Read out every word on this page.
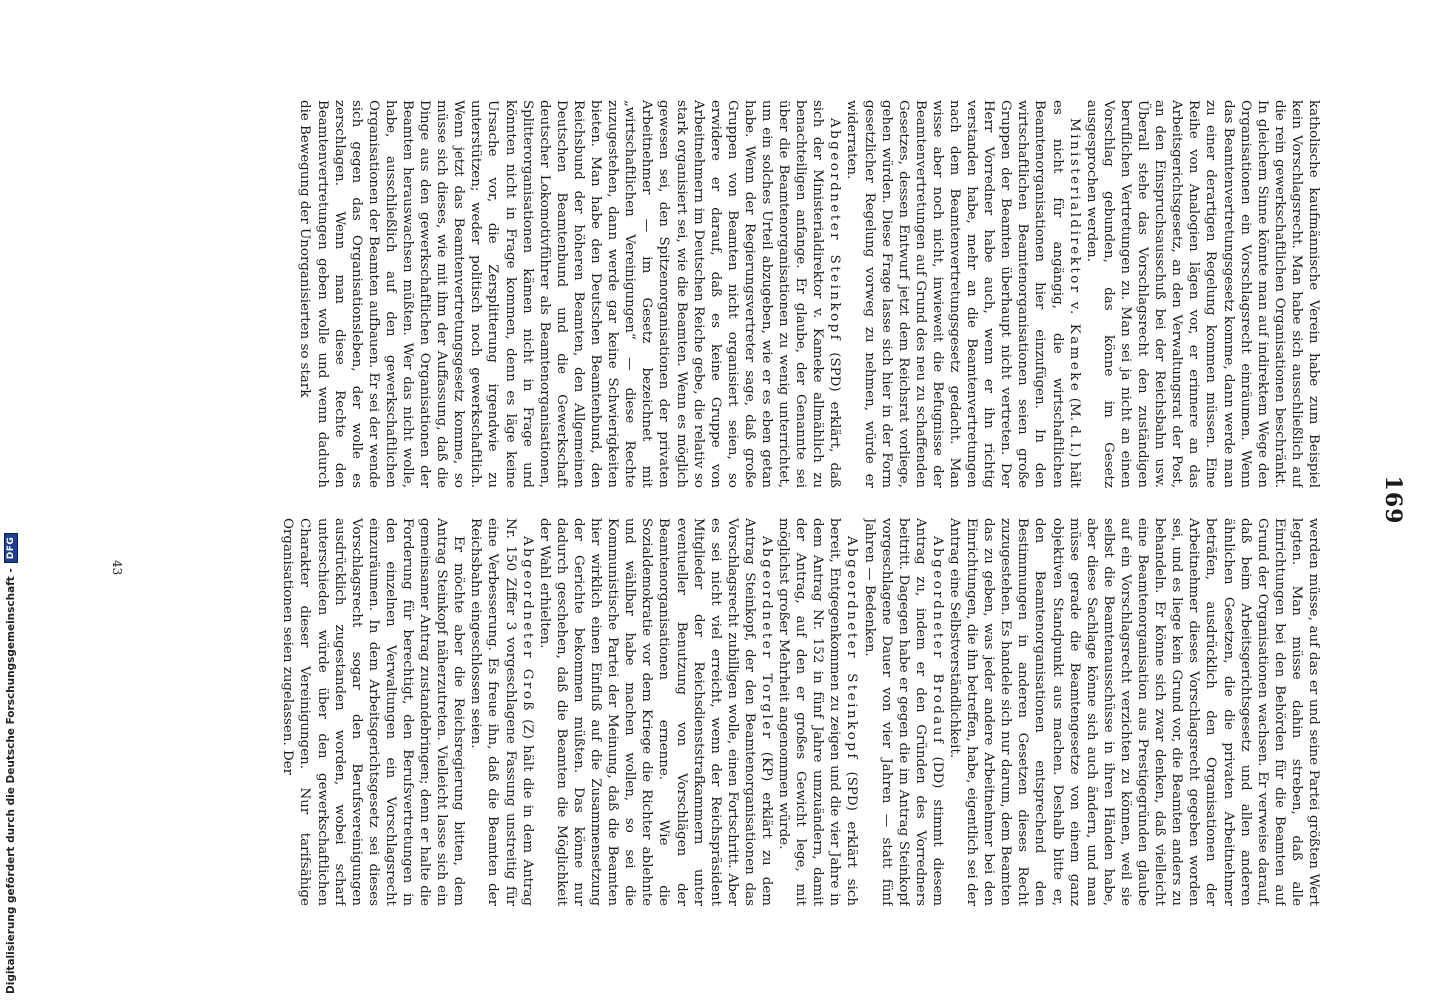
169

katholische kaufmännische Verein habe zum Beispiel kein Vorschlagsrecht. Man habe sich ausschließlich auf die rein gewerkschaftlichen Organisationen beschränkt. In gleichem Sinne könnte man auf indirektem Wege den Organisationen ein Vorschlagsrecht einräumen. Wenn das Beamtenvertretungsgesetz komme, dann werde man zu einer derartigen Regelung kommen müssen. Eine Reihe von Analogien lägen vor, er erinnere an das Arbeitsgerichtsgesetz, an den Verwaltungsrat der Post, an den Einspruchsausschuß bei der Reichsbahn usw. Überall stehe das Vorschlagsrecht den zuständigen beruflichen Vertretungen zu. Man sei ja nicht an einen Vorschlag gebunden, das könne im Gesetz ausgesprochen werden.

Ministerialdirektor v. Kameke (M. d. I.) hält es nicht für angängig, die wirtschaftlichen Beamtenorganisationen hier einzufügen. In den wirtschaftlichen Beamtenorganisationen seien große Gruppen der Beamten überhaupt nicht vertreten. Der Herr Vorredner habe auch, wenn er ihn richtig verstanden habe, mehr an die Beamtenvertretungen nach dem Beamtenvertretungsgesetz gedacht. Man wisse aber noch nicht, inwieweit die Befugnisse der Beamtenvertretungen auf Grund des neu zu schaffenden Gesetzes, dessen Entwurf jetzt dem Reichsrat vorliege, gehen würden. Diese Frage lasse sich hier in der Form gesetzlicher Regelung vorweg zu nehmen, würde er widerraten.

Abgeordneter Steinkopf (SPD) erklärt, daß sich der Ministerialdirektor v. Kameke allmählich zu benachteiligen anfange. Er glaube, der Genannte sei über die Beamtenorganisationen zu wenig unterrichtet, um ein solches Urteil abzugeben, wie er es eben getan habe. Wenn der Regierungsvertreter sage, daß große Gruppen von Beamten nicht organisiert seien, so erwidere er darauf, daß es keine Gruppe von Arbeitnehmern im Deutschen Reiche gebe, die relativ so stark organisiert sei, wie die Beamten. Wenn es möglich gewesen sei, den Spitzenorganisationen der privaten Arbeitnehmer — im Gesetz bezeichnet mit „wirtschaftlichen Vereinigungen“ — diese Rechte zuzugestehen, dann werde gar keine Schwierigkeiten bieten. Man habe den Deutschen Beamtenbund, den Reichsbund der höheren Beamten, den Allgemeinen Deutschen Beamtenbund und die Gewerkschaft deutscher Lokomotivführer als Beamtenorganisationen, Splitterorganisationen kämen nicht in Frage und könnten nicht in Frage kommen, denn es läge keine Ursache vor, die Zersplitterung irgendwie zu unterstützen; weder politisch noch gewerkschaftlich. Wenn jetzt das Beamtenvertretungsgesetz komme, so müsse sich dieses, wie mit ihm der Auffassung, daß die Dinge aus den gewerkschaftlichen Organisationen der Beamten herauswachsen müßten. Wer das nicht wolle, habe, ausschließlich auf den gewerkschaftlichen Organisationen der Beamten aufbauen. Er sei der wende sich gegen das Organisationsleben, der wolle es zerschlagen. Wenn man diese Rechte den Beamtenvertretungen geben wolle und wenn dadurch die Bewegung der Unorganisierten so stark

werden müsse, auf das er und seine Partei größten Wert legten. Man müsse dahin streben, daß alle Einrichtungen bei den Behörden für die Beamten auf Grund der Organisationen wachsen. Er verweise darauf, daß beim Arbeitsgerichtsgesetz und allen anderen ähnlichen Gesetzen, die die privaten Arbeitnehmer beträfen, ausdrücklich den Organisationen der Arbeitnehmer dieses Vorschlagsrecht gegeben worden sei, und es liege kein Grund vor, die Beamten anders zu behandeln. Er könne sich zwar denken, daß vielleicht eine Beamtenorganisation aus Prestigegründen glaube auf ein Vorschlagsrecht verzichten zu können, weil sie selbst die Beamtenausschüsse in ihren Händen habe, aber diese Sachlage könne sich auch ändern, und man müsse gerade die Beamtengesetze von einem ganz objektiven Standpunkt aus machen. Deshalb bitte er, den Beamtenorganisationen entsprechend den Bestimmungen in anderen Gesetzen dieses Recht zuzugestehen. Es handele sich nur darum, dem Beamten das zu geben, was jeder andere Arbeitnehmer bei den Einrichtungen, die ihn betreffen, habe, eigentlich sei der Antrag eine Selbstverständlichkeit.

Abgeordneter Brodauf (DD) stimmt diesem Antrag zu, indem er den Gründen des Vorredners beitritt. Dagegen habe er gegen die im Antrag Steinkopf vorgeschlagene Dauer von vier Jahren — statt fünf Jahren — Bedenken.

Abgeordneter Steinkopf (SPD) erklärt sich bereit, Entgegenkommen zu zeigen und die vier Jahre in dem Antrag Nr. 152 in fünf Jahre umzuändern, damit der Antrag, auf den er großes Gewicht lege, mit möglichst großer Mehrheit angenommen würde.

Abgeordneter Torgler (KP) erklärt zu dem Antrag Steinkopf, der den Beamtenorganisationen das Vorschlagsrecht zubilligen wolle, einen Fortschritt. Aber es sei nicht viel erreicht, wenn der Reichspräsident Mitglieder der Reichsdienststrafkammern unter eventueller Benutzung von Vorschlägen der Beamtenorganisationen ernenne. Wie die Sozialdemokratie vor dem Kriege die Richter ablehnte und wählbar habe machen wollen, so sei die Kommunistische Partei der Meinung, daß die Beamten hier wirklich einen Einfluß auf die Zusammensetzung der Gerichte bekommen müßten. Das könne nur dadurch geschehen, daß die Beamten die Möglichkeit der Wahl erhielten.

Abgeordneter Groß (Z) hält die in dem Antrag Nr. 150 Ziffer 3 vorgeschlagene Fassung unstreitig für eine Verbesserung. Es freue ihn, daß die Beamten der Reichsbahn eingeschlossen seien.

Er möchte aber die Reichsregierung bitten, dem Antrag Steinkopf näherzutreten. Vielleicht lasse sich ein gemeinsamer Antrag zustandebringen; denn er halte die Forderung für berechtigt, den Berufsvertretungen in den einzelnen Verwaltungen ein Vorschlagsrecht einzuräumen. In dem Arbeitsgerichtsgesetz sei dieses Vorschlagsrecht sogar den Berufsvereinigungen ausdrücklich zugestanden worden, wobei scharf unterschieden würde über den gewerkschaftlichen Charakter dieser Vereinigungen. Nur tarifsähige Organisationen seien zugelassen. Der

43
Digitalisierung gefördert durch die Deutsche Forschungsgemeinschaft -
DFG
